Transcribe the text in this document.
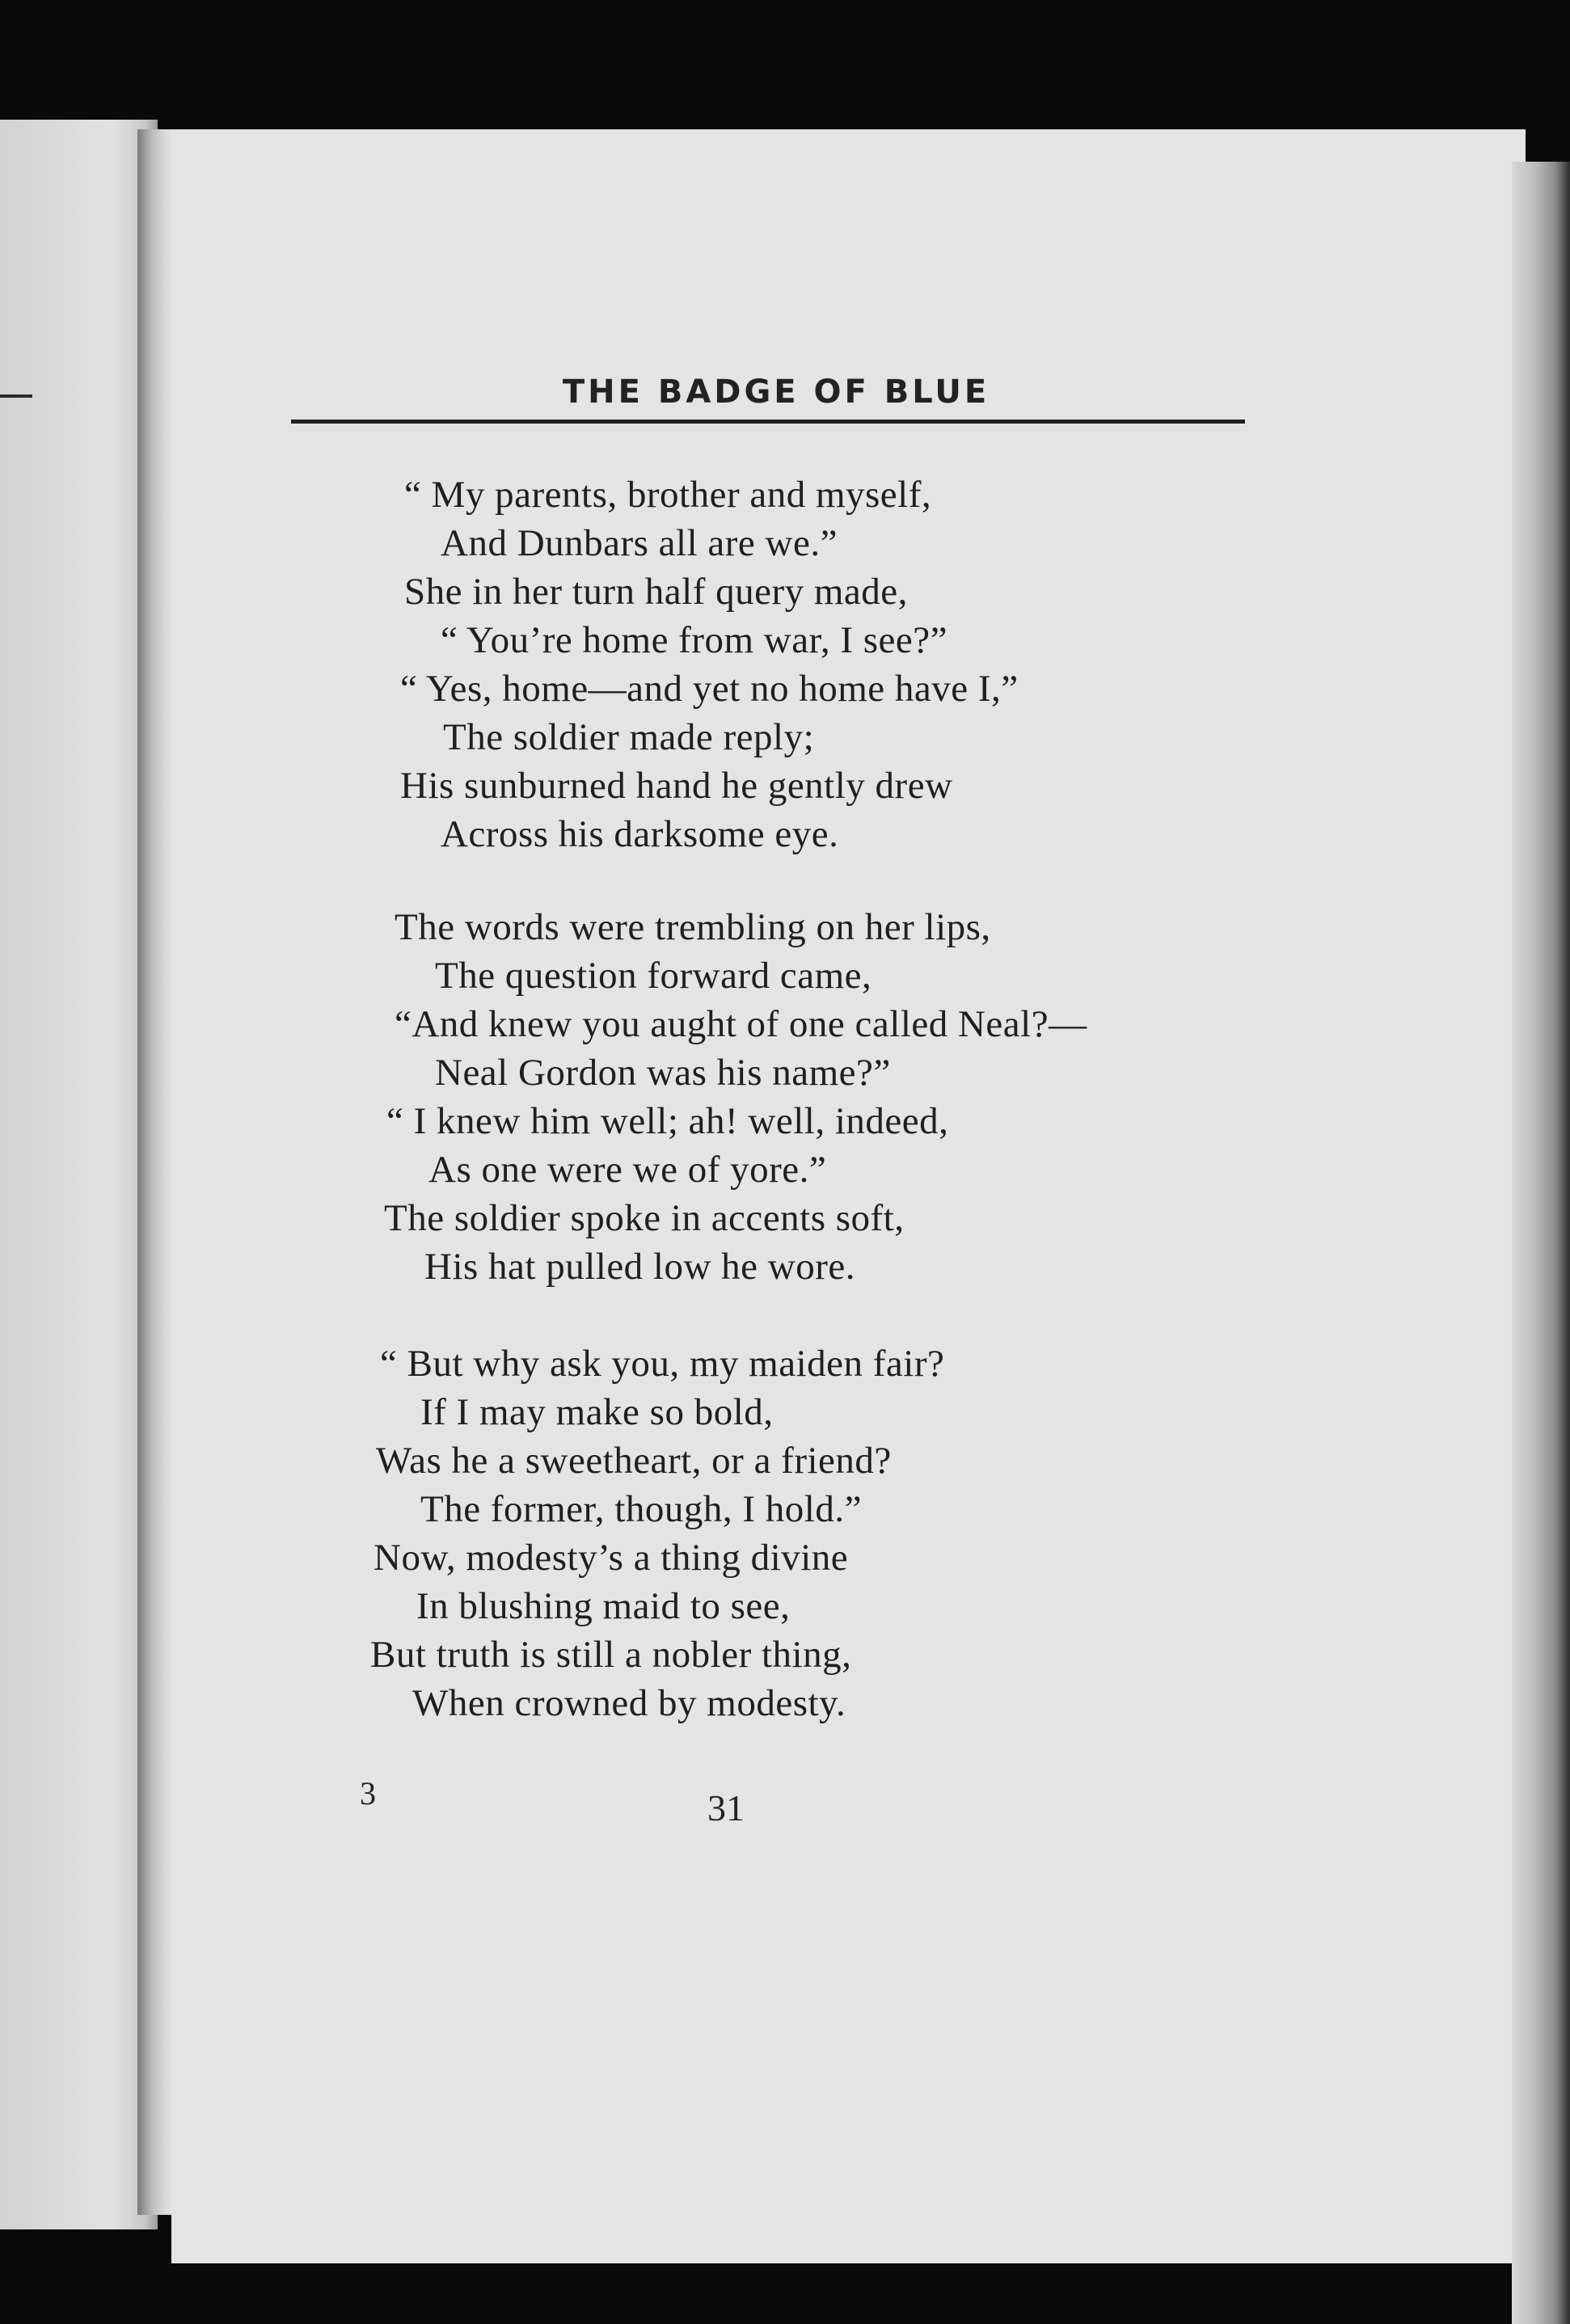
THE BADGE OF BLUE
“ My parents, brother and myself,
And Dunbars all are we.”
She in her turn half query made,
“ You’re home from war, I see?”
“ Yes, home—and yet no home have I,”
The soldier made reply;
His sunburned hand he gently drew
Across his darksome eye.
The words were trembling on her lips,
The question forward came,
“And knew you aught of one called Neal?—
Neal Gordon was his name?”
“ I knew him well; ah! well, indeed,
As one were we of yore.”
The soldier spoke in accents soft,
His hat pulled low he wore.
“ But why ask you, my maiden fair?
If I may make so bold,
Was he a sweetheart, or a friend?
The former, though, I hold.”
Now, modesty’s a thing divine
In blushing maid to see,
But truth is still a nobler thing,
When crowned by modesty.
3	31
